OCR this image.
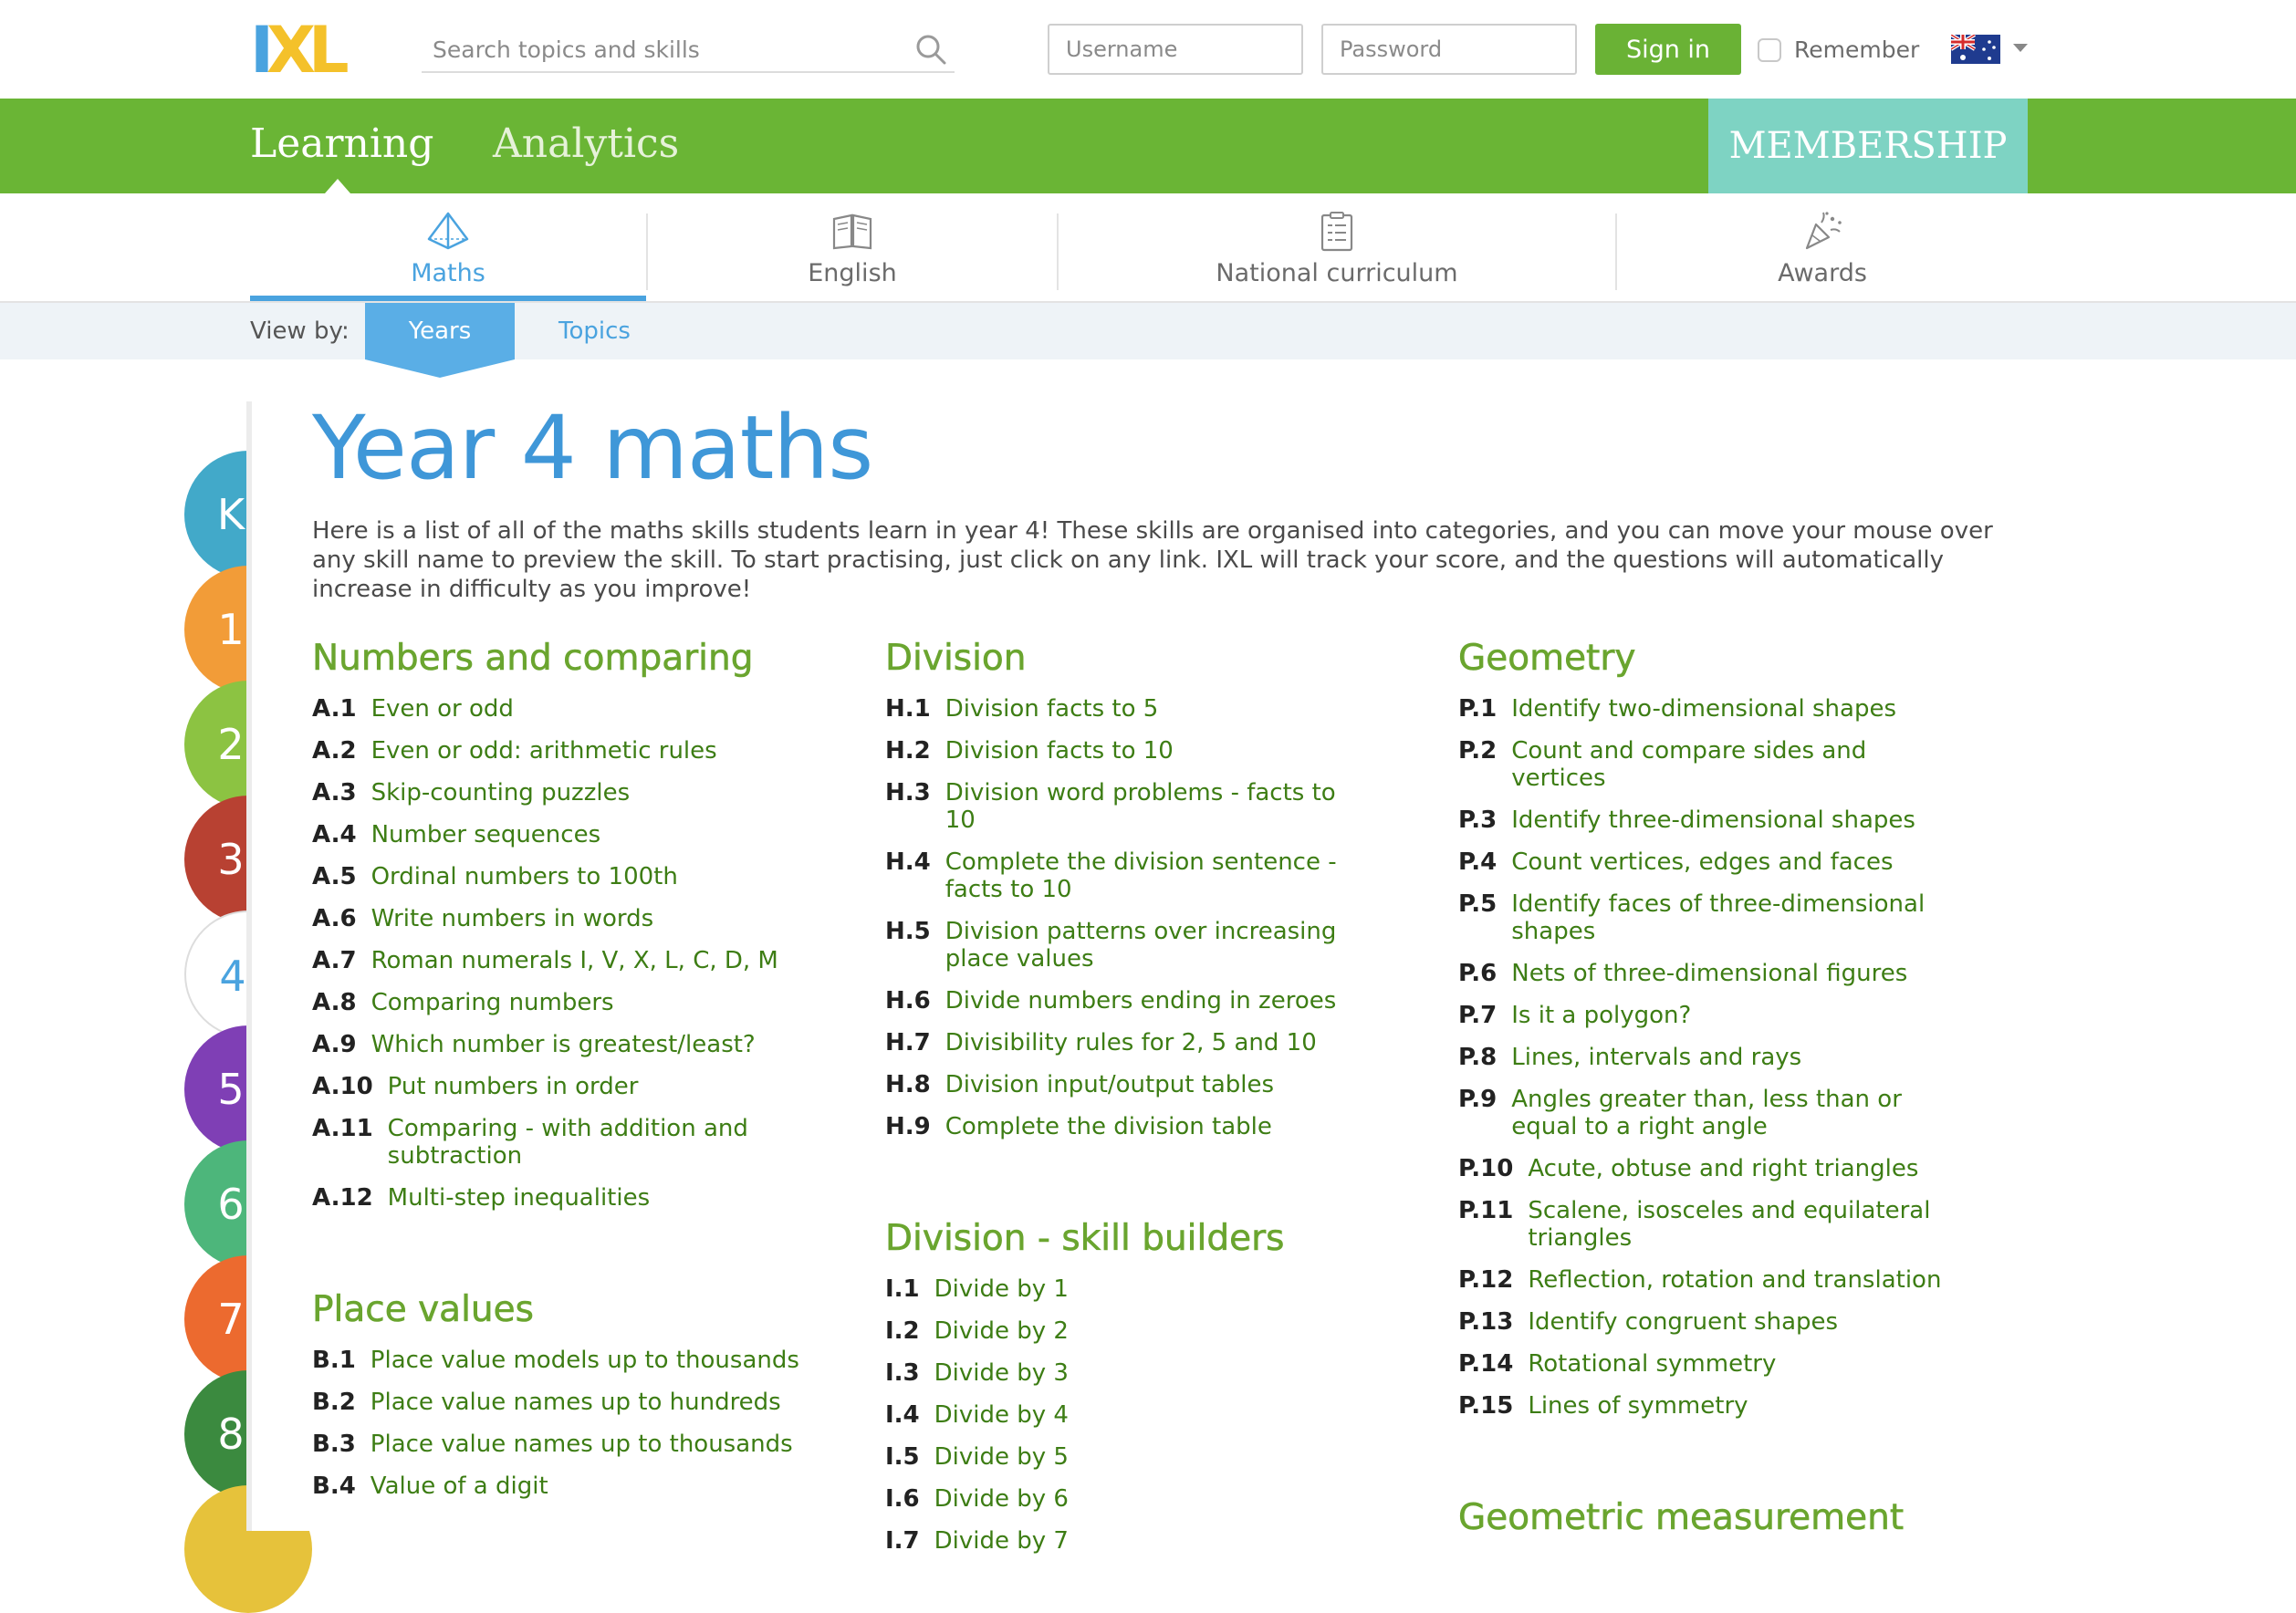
I X L
Search topics and skills
Username	Sign in	Remember
Learning Analytics	MEMBERSHIP
Maths	English	National curriculum	Awards
View by:	Years	Topics
K
1
2
3
4
5
6
7
8
Year 4 maths

Here is a list of all of the maths skills students learn in year 4! These skills are organised into categories, and you can move your mouse over any skill name to preview the skill. To start practising, just click on any link. IXL will track your score, and the questions will automatically increase in difficulty as you improve!

Numbers and comparing
A.1 Even or odd
A.2 Even or odd: arithmetic rules
A.3 Skip-counting puzzles
A.4 Number sequences
A.5 Ordinal numbers to 100th
A.6 Write numbers in words
A.7 Roman numerals I, V, X, L, C, D, M
A.8 Comparing numbers
A.9 Which number is greatest/least?
A.10 Put numbers in order
A.11 Comparing - with addition and subtraction
A.12 Multi-step inequalities
Place values
B.1 Place value models up to thousands
B.2 Place value names up to hundreds
B.3 Place value names up to thousands
B.4 Value of a digit
Division
H.1 Division facts to 5
H.2 Division facts to 10
H.3 Division word problems - facts to 10
H.4 Complete the division sentence - facts to 10
H.5 Division patterns over increasing place values
H.6 Divide numbers ending in zeroes
H.7 Divisibility rules for 2, 5 and 10
H.8 Division input/output tables
H.9 Complete the division table
Division - skill builders
I.1 Divide by 1
I.2 Divide by 2
I.3 Divide by 3
I.4 Divide by 4
I.5 Divide by 5
I.6 Divide by 6
I.7 Divide by 7
Geometry
P.1 Identify two-dimensional shapes
P.2 Count and compare sides and vertices
P.3 Identify three-dimensional shapes
P.4 Count vertices, edges and faces
P.5 Identify faces of three-dimensional shapes
P.6 Nets of three-dimensional figures
P.7 Is it a polygon?
P.8 Lines, intervals and rays
P.9 Angles greater than, less than or equal to a right angle
P.10 Acute, obtuse and right triangles
P.11 Scalene, isosceles and equilateral triangles
P.12 Reflection, rotation and translation
P.13 Identify congruent shapes
P.14 Rotational symmetry
P.15 Lines of symmetry
Geometric measurement
